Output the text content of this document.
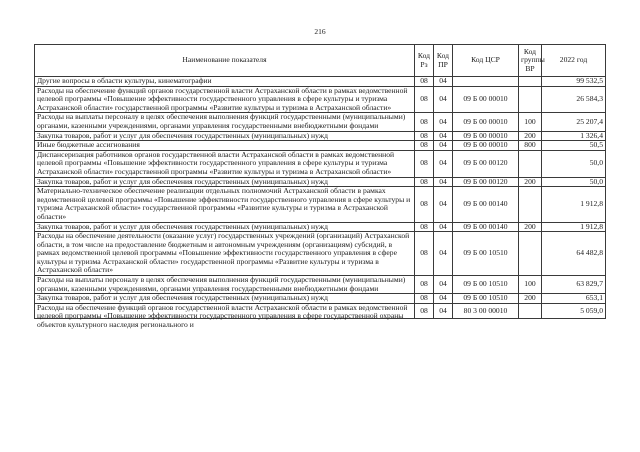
216
Наименование показателя	Код Рз	Код ПР	Код ЦСР	Код группы ВР	2022 год
Другие вопросы в области культуры, кинематографии	08	04			99 532,5
Расходы на обеспечение функций органов государственной власти Астраханской области в рамках ведомственной целевой программы «Повышение эффективности государственного управления в сфере культуры и туризма Астраханской области» государственной программы «Развитие культуры и туризма в Астраханской области»	08	04	09 Б 00 00010		26 584,3
Расходы на выплаты персоналу в целях обеспечения выполнения функций государственными (муниципальными) органами, казенными учреждениями, органами управления государственными внебюджетными фондами	08	04	09 Б 00 00010	100	25 207,4
Закупка товаров, работ и услуг для обеспечения государственных (муниципальных) нужд	08	04	09 Б 00 00010	200	1 326,4
Иные бюджетные ассигнования	08	04	09 Б 00 00010	800	50,5
Диспансеризация работников органов государственной власти Астраханской области в рамках ведомственной целевой программы «Повышение эффективности государственного управления в сфере культуры и туризма Астраханской области» государственной программы «Развитие культуры и туризма в Астраханской области»	08	04	09 Б 00 00120		50,0
Закупка товаров, работ и услуг для обеспечения государственных (муниципальных) нужд	08	04	09 Б 00 00120	200	50,0
Материально-техническое обеспечение реализации отдельных полномочий Астраханской области в рамках ведомственной целевой программы «Повышение эффективности государственного управления в сфере культуры и туризма Астраханской области» государственной программы «Развитие культуры и туризма в Астраханской области»	08	04	09 Б 00 00140		1 912,8
Закупка товаров, работ и услуг для обеспечения государственных (муниципальных) нужд	08	04	09 Б 00 00140	200	1 912,8
Расходы на обеспечение деятельности (оказание услуг) государственных учреждений (организаций) Астраханской области, в том числе на предоставление бюджетным и автономным учреждениям (организациям) субсидий, в рамках ведомственной целевой программы «Повышение эффективности государственного управления в сфере культуры и туризма Астраханской области» государственной программы «Развитие культуры и туризма в Астраханской области»	08	04	09 Б 00 10510		64 482,8
Расходы на выплаты персоналу в целях обеспечения выполнения функций государственными (муниципальными) органами, казенными учреждениями, органами управления государственными внебюджетными фондами	08	04	09 Б 00 10510	100	63 829,7
Закупка товаров, работ и услуг для обеспечения государственных (муниципальных) нужд	08	04	09 Б 00 10510	200	653,1

Расходы на обеспечение функций органов государственной власти Астраханской области в рамках ведомственной целевой программы «Повышение эффективности государственного управления в сфере государственной охраны объектов культурного наследия регионального и	08	04	80 3 00 00010		5 059,0
